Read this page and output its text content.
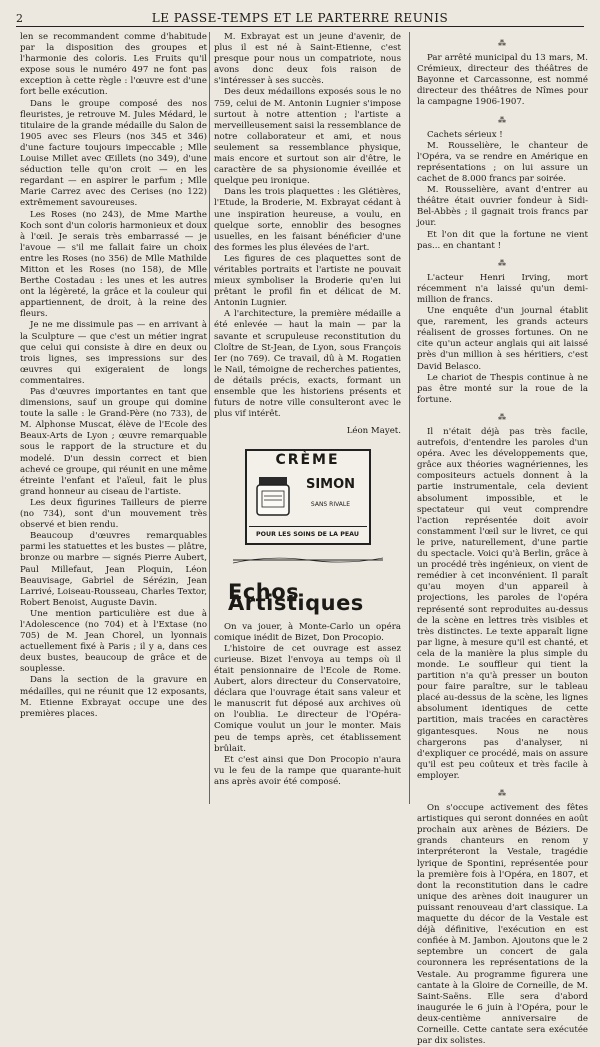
2	LE PASSE-TEMPS ET LE PARTERRE REUNIS

len se recommandent comme d'habitude par la disposition des groupes et l'harmonie des coloris. Les Fruits qu'il expose sous le numéro 497 ne font pas exception à cette règle : l'œuvre est d'une fort belle exécution.

Dans le groupe composé des nos fleuristes, je retrouve M. Jules Médard, le titulaire de la grande médaille du Salon de 1905 avec ses Fleurs (nos 345 et 346) d'une facture toujours impeccable ; Mlle Louise Millet avec Œillets (no 349), d'une séduction telle qu'on croit — en les regardant — en aspirer le parfum ; Mlle Marie Carrez avec des Cerises (no 122) extrêmement savoureuses.

Les Roses (no 243), de Mme Marthe Koch sont d'un coloris harmonieux et doux à l'œil. Je serais très embarrassé — je l'avoue — s'il me fallait faire un choix entre les Roses (no 356) de Mlle Mathilde Mitton et les Roses (no 158), de Mlle Berthe Costadau : les unes et les autres ont la légèreté, la grâce et la couleur qui appartiennent, de droit, à la reine des fleurs.

Je ne me dissimule pas — en arrivant à la Sculpture — que c'est un métier ingrat que celui qui consiste à dire en deux ou trois lignes, ses impressions sur des œuvres qui exigeraient de longs commentaires.

Pas d'œuvres importantes en tant que dimensions, sauf un groupe qui domine toute la salle : le Grand-Père (no 733), de M. Alphonse Muscat, élève de l'Ecole des Beaux-Arts de Lyon ; œuvre remarquable sous le rapport de la structure et du modelé. D'un dessin correct et bien achevé ce groupe, qui réunit en une même étreinte l'enfant et l'aïeul, fait le plus grand honneur au ciseau de l'artiste.

Les deux figurines Tailleurs de pierre (no 734), sont d'un mouvement très observé et bien rendu.

Beaucoup d'œuvres remarquables parmi les statuettes et les bustes — plâtre, bronze ou marbre — signés Pierre Aubert, Paul Millefaut, Jean Ploquin, Léon Beauvisage, Gabriel de Sérézin, Jean Larrivé, Loiseau-Rousseau, Charles Textor, Robert Benoist, Auguste Davin.

Une mention particulière est due à l'Adolescence (no 704) et à l'Extase (no 705) de M. Jean Chorel, un lyonnais actuellement fixé à Paris ; il y a, dans ces deux bustes, beaucoup de grâce et de souplesse.

Dans la section de la gravure en médailles, qui ne réunit que 12 exposants, M. Etienne Exbrayat occupe une des premières places.

M. Exbrayat est un jeune d'avenir, de plus il est né à Saint-Etienne, c'est presque pour nous un compatriote, nous avons donc deux fois raison de s'intéresser à ses succès.

Des deux médaillons exposés sous le no 759, celui de M. Antonin Lugnier s'impose surtout à notre attention ; l'artiste a merveilleusement saisi la ressemblance de notre collaborateur et ami, et nous seulement sa ressemblance physique, mais encore et surtout son air d'être, le caractère de sa physionomie éveillée et quelque peu ironique.

Dans les trois plaquettes : les Glétières, l'Etude, la Broderie, M. Exbrayat cédant à une inspiration heureuse, a voulu, en quelque sorte, ennoblir des besognes usuelles, en les faisant bénéficier d'une des formes les plus élevées de l'art.

Les figures de ces plaquettes sont de véritables portraits et l'artiste ne pouvait mieux symboliser la Broderie qu'en lui prêtant le profil fin et délicat de M. Antonin Lugnier.

A l'architecture, la première médaille a été enlevée — haut la main — par la savante et scrupuleuse reconstitution du Cloître de St-Jean, de Lyon, sous François Ier (no 769). Ce travail, dû à M. Rogatien le Nail, témoigne de recherches patientes, de détails précis, exacts, formant un ensemble que les historiens présents et futurs de notre ville consulteront avec le plus vif intérêt.

Léon Mayet.

CRÈME
SIMON
SANS RIVALE
POUR LES SOINS DE LA PEAU
Echos Artistiques

On va jouer, à Monte-Carlo un opéra comique inédit de Bizet, Don Procopio.

L'histoire de cet ouvrage est assez curieuse. Bizet l'envoya au temps où il était pensionnaire de l'Ecole de Rome. Aubert, alors directeur du Conservatoire, déclara que l'ouvrage était sans valeur et le manuscrit fut déposé aux archives où on l'oublia. Le directeur de l'Opéra-Comique voulut un jour le monter. Mais peu de temps après, cet établissement brûlait.

Et c'est ainsi que Don Procopio n'aura vu le feu de la rampe que quarante-huit ans après avoir été composé.

⁂

Par arrêté municipal du 13 mars, M. Crémieux, directeur des théâtres de Bayonne et Carcassonne, est nommé directeur des théâtres de Nîmes pour la campagne 1906-1907.

⁂

Cachets sérieux !

M. Rousselière, le chanteur de l'Opéra, va se rendre en Amérique en représentations ; on lui assure un cachet de 8.000 francs par soirée.

M. Rousselière, avant d'entrer au théâtre était ouvrier fondeur à Sidi-Bel-Abbès ; il gagnait trois francs par jour.

Et l'on dit que la fortune ne vient pas... en chantant !

⁂

L'acteur Henri Irving, mort récemment n'a laissé qu'un demi-million de francs.

Une enquête d'un journal établit que, rarement, les grands acteurs réalisent de grosses fortunes. On ne cite qu'un acteur anglais qui ait laissé près d'un million à ses héritiers, c'est David Belasco.

Le chariot de Thespis continue à ne pas être monté sur la roue de la fortune.

⁂

Il n'était déjà pas très facile, autrefois, d'entendre les paroles d'un opéra. Avec les développements que, grâce aux théories wagnériennes, les compositeurs actuels donnent à la partie instrumentale, cela devient absolument impossible, et le spectateur qui veut comprendre l'action représentée doit avoir constamment l'œil sur le livret, ce qui le prive, naturellement, d'une partie du spectacle. Voici qu'à Berlin, grâce à un procédé très ingénieux, on vient de remédier à cet inconvénient. Il paraît qu'au moyen d'un appareil à projections, les paroles de l'opéra représenté sont reproduites au-dessus de la scène en lettres très visibles et très distinctes. Le texte apparaît ligne par ligne, à mesure qu'il est chanté, et cela de la manière la plus simple du monde. Le souffleur qui tient la partition n'a qu'à presser un bouton pour faire paraître, sur le tableau placé au-dessus de la scène, les lignes absolument identiques de cette partition, mais tracées en caractères gigantesques. Nous ne nous chargerons pas d'analyser, ni d'expliquer ce procédé, mais on assure qu'il est peu coûteux et très facile à employer.

⁂

On s'occupe activement des fêtes artistiques qui seront données en août prochain aux arènes de Béziers. De grands chanteurs en renom y interpréteront la Vestale, tragédie lyrique de Spontini, représentée pour la première fois à l'Opéra, en 1807, et dont la reconstitution dans le cadre unique des arènes doit inaugurer un puissant renouveau d'art classique. La maquette du décor de la Vestale est déjà définitive, l'exécution en est confiée à M. Jambon. Ajoutons que le 2 septembre un concert de gala couronnera les représentations de la Vestale. Au programme figurera une cantate à la Gloire de Corneille, de M. Saint-Saëns. Elle sera d'abord inaugurée le 6 juin à l'Opéra, pour le deux-centième anniversaire de Corneille. Cette cantate sera exécutée par dix solistes.
